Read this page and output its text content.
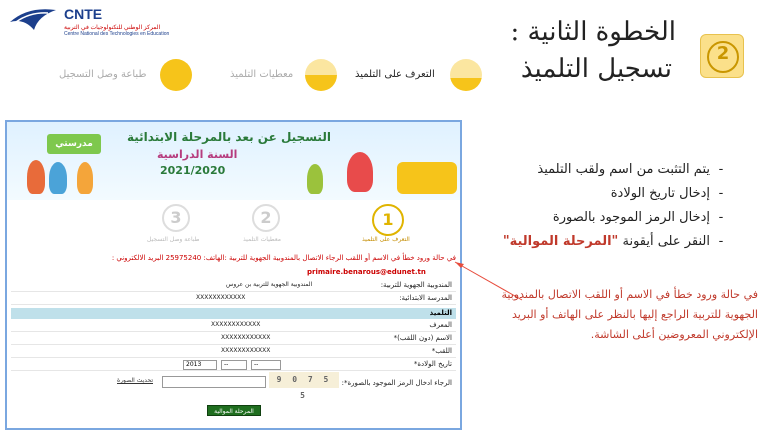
CNTE
المركز الوطني للتكنولوجيات في التربية
Centre National des Technologies en Education
طباعة وصل التسجيل	معطيات التلميذ	التعرف على التلميذ
الخطوة الثانية :
تسجيل التلميذ
2
مدرستي	التسجيل عن بعد بالمرحلة الابتدائية
السنة الدراسية
2021/2020
3
طباعة وصل التسجيل
2
معطيات التلميذ
1
التعرف على التلميذ
في حالة ورود خطأ في الاسم أو اللقب الرجاء الاتصال بالمندوبية الجهوية للتربية :الهاتف: 25975240 البريد الالكتروني :
primaire.benarous@edunet.tn
المندوبية الجهوية للتربية:
المندوبية الجهوية للتربية بن عروس
المدرسة الابتدائية:
XXXXXXXXXXXX
التلميذ
المعرف
XXXXXXXXXXXX
الاسم (دون اللقب)*
XXXXXXXXXXXX
اللقب*
XXXXXXXXXXXX
تاريخ الولادة*
--
--
2013
الرجاء ادخال الرمز الموجود بالصورة*:
9 0 7 5 5
تحديث الصورة
المرحلة الموالية
- يتم التثبت من اسم ولقب التلميذ
- إدخال تاريخ الولادة
- إدخال الرمز الموجود بالصورة
- النقر على أيقونة "المرحلة الموالية"
في حالة ورود خطأ في الاسم أو اللقب الاتصال بالمندوبية الجهوية للتربية الراجع إليها بالنظر على الهاتف أو البريد الإلكتروني المعروضين أعلى الشاشة.
